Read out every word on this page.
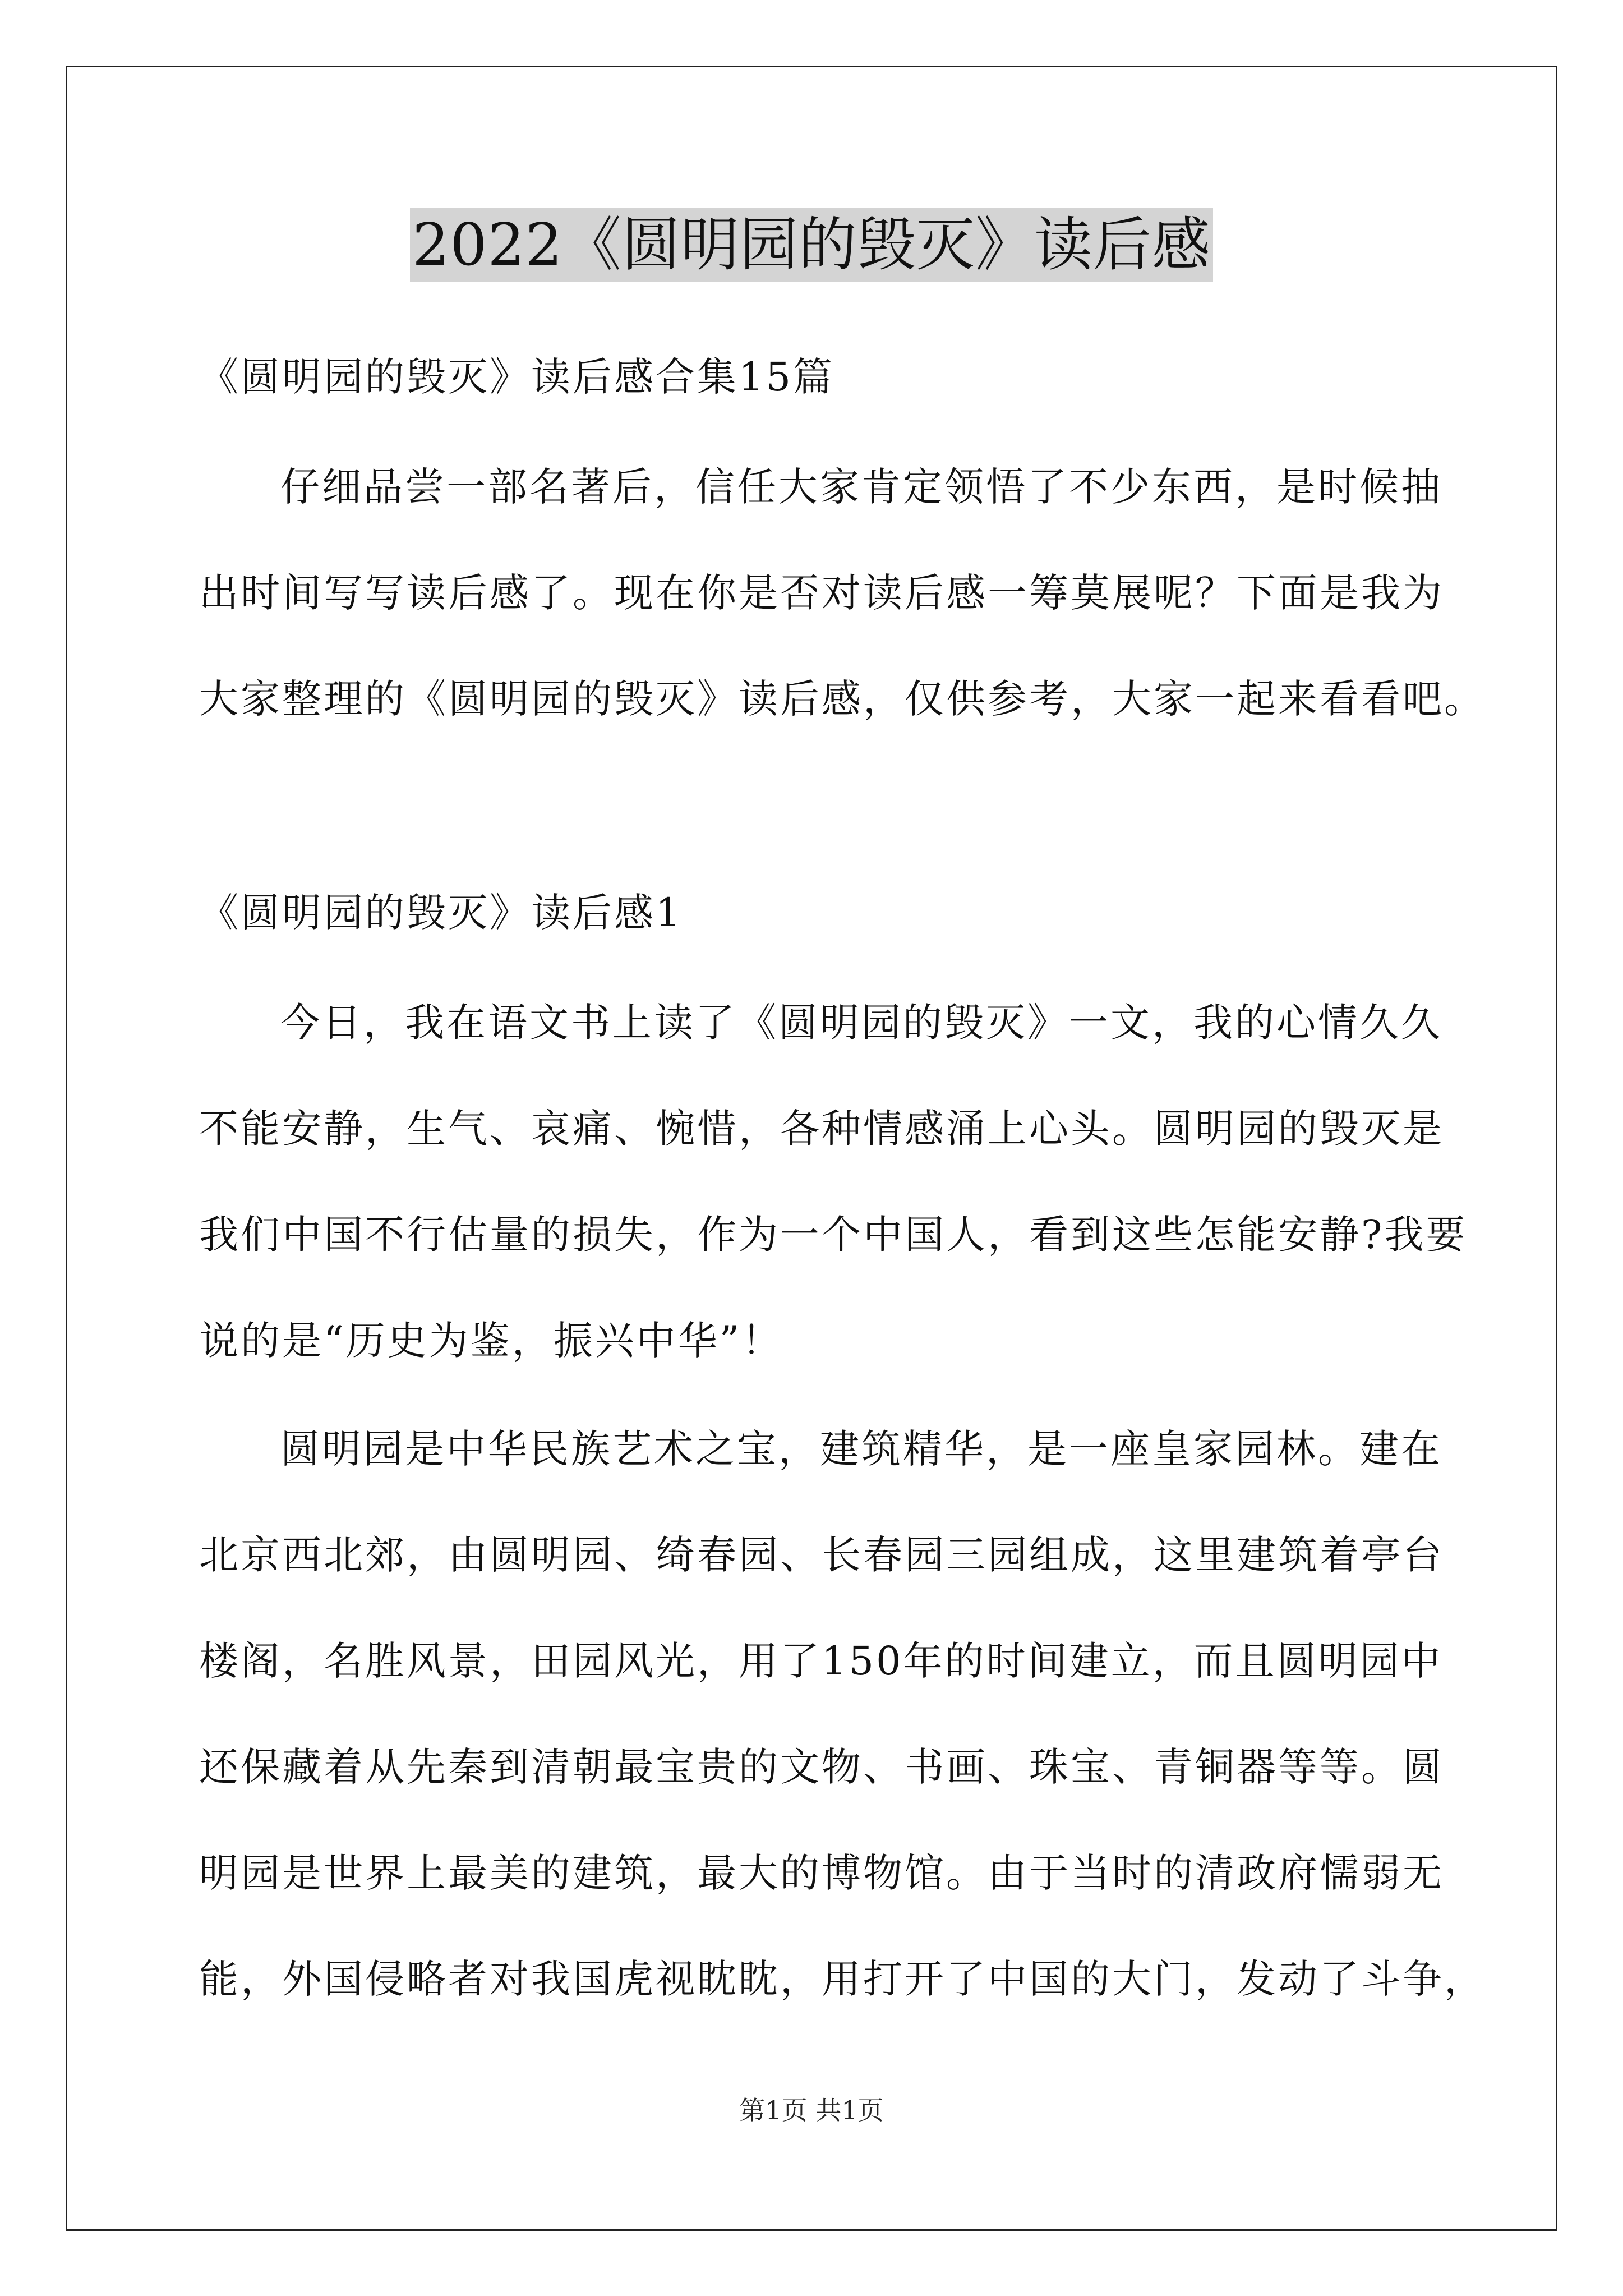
2022《圆明园的毁灭》读后感
《圆明园的毁灭》读后感合集15篇
仔细品尝一部名著后，信任大家肯定领悟了不少东西，是时候抽
出时间写写读后感了。现在你是否对读后感一筹莫展呢？下面是我为
大家整理的《圆明园的毁灭》读后感，仅供参考，大家一起来看看吧。
《圆明园的毁灭》读后感1
今日，我在语文书上读了《圆明园的毁灭》一文，我的心情久久
不能安静，生气、哀痛、惋惜，各种情感涌上心头。圆明园的毁灭是
我们中国不行估量的损失，作为一个中国人，看到这些怎能安静?我要
说的是“历史为鉴，振兴中华”！
圆明园是中华民族艺术之宝，建筑精华，是一座皇家园林。建在
北京西北郊，由圆明园、绮春园、长春园三园组成，这里建筑着亭台
楼阁，名胜风景，田园风光，用了150年的时间建立，而且圆明园中
还保藏着从先秦到清朝最宝贵的文物、书画、珠宝、青铜器等等。圆
明园是世界上最美的建筑，最大的博物馆。由于当时的清政府懦弱无
能，外国侵略者对我国虎视眈眈，用打开了中国的大门，发动了斗争，
第1页 共1页
